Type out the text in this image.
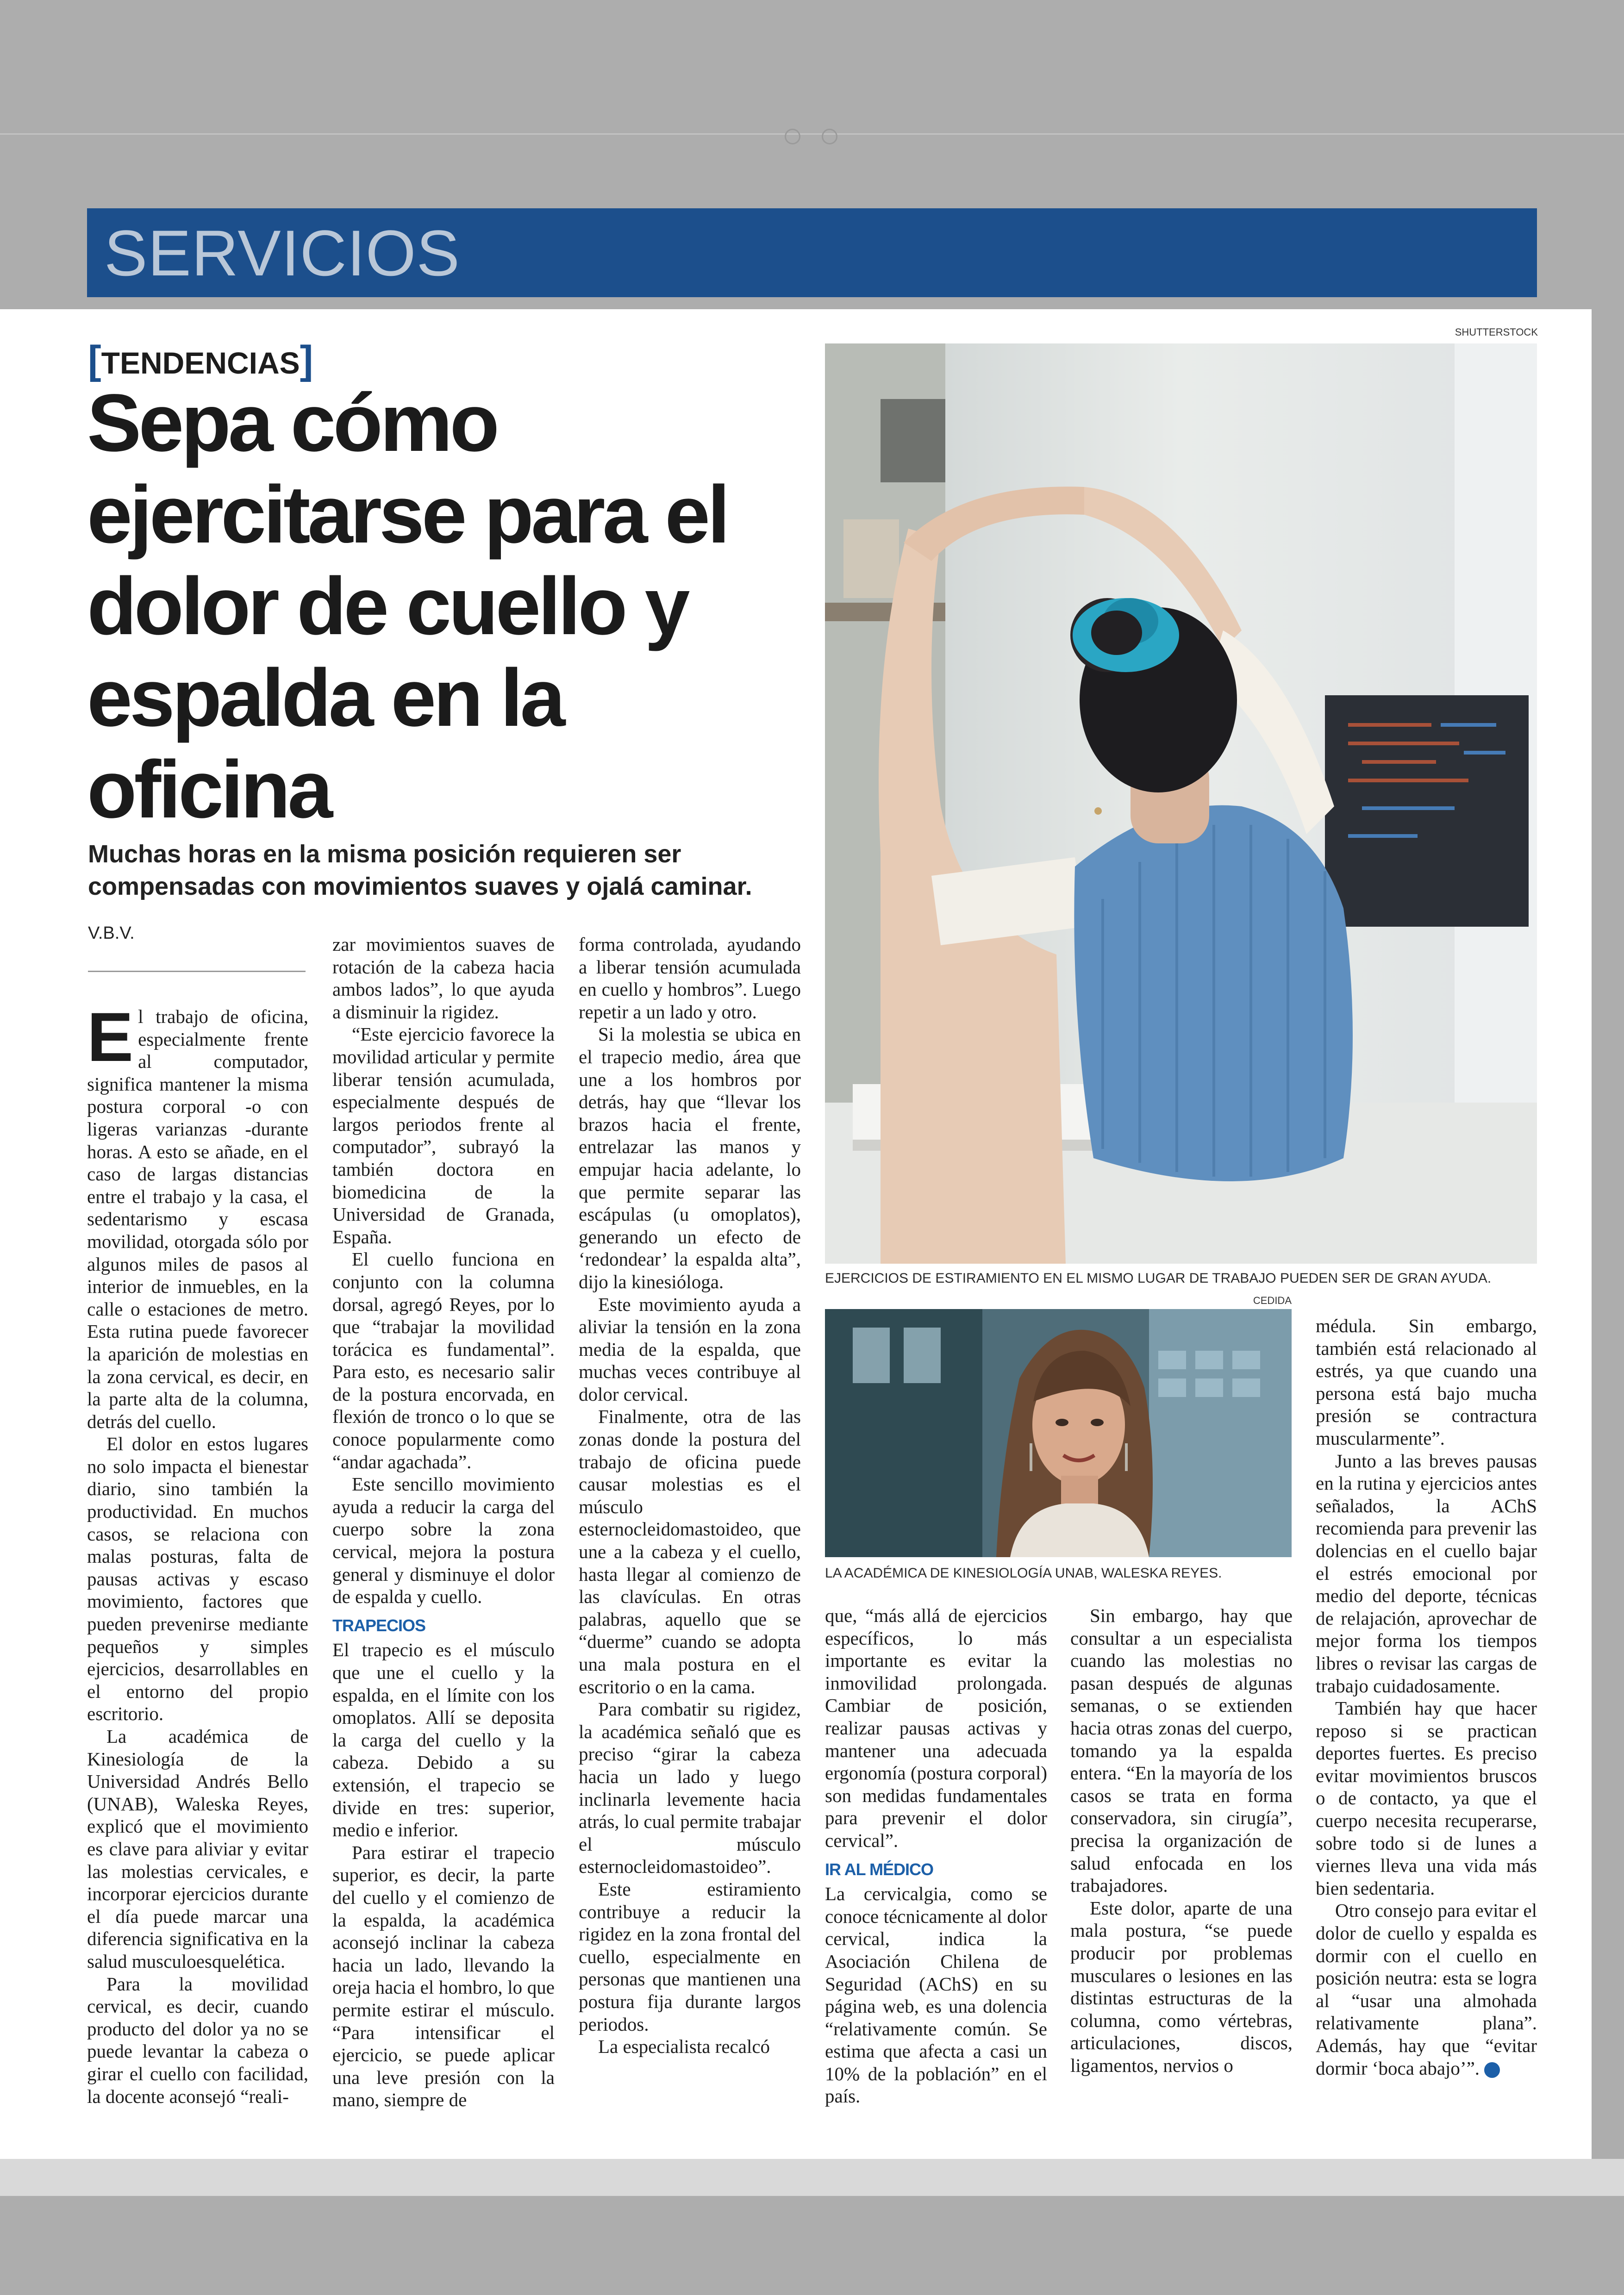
SERVICIOS
[TENDENCIAS]
Sepa cómo ejercitarse para el dolor de cuello y espalda en la oficina

Muchas horas en la misma posición requieren ser compensadas con movimientos suaves y ojalá caminar.

V.B.V.

El trabajo de oficina, especialmente frente al computador, significa mantener la misma postura corporal -o con ligeras varianzas -durante horas. A esto se añade, en el caso de largas distancias entre el trabajo y la casa, el sedentarismo y escasa movilidad, otorgada sólo por algunos miles de pasos al interior de inmuebles, en la calle o estaciones de metro. Esta rutina puede favorecer la aparición de molestias en la zona cervical, es decir, en la parte alta de la columna, detrás del cuello.

El dolor en estos lugares no solo impacta el bienestar diario, sino también la productividad. En muchos casos, se relaciona con malas posturas, falta de pausas activas y escaso movimiento, factores que pueden prevenirse mediante pequeños y simples ejercicios, desarrollables en el entorno del propio escritorio.

La académica de Kinesiología de la Universidad Andrés Bello (UNAB), Waleska Reyes, explicó que el movimiento es clave para aliviar y evitar las molestias cervicales, e incorporar ejercicios durante el día puede marcar una diferencia significativa en la salud musculoesquelética.

Para la movilidad cervical, es decir, cuando producto del dolor ya no se puede levantar la cabeza o girar el cuello con facilidad, la docente aconsejó “reali-

zar movimientos suaves de rotación de la cabeza hacia ambos lados”, lo que ayuda a disminuir la rigidez.

“Este ejercicio favorece la movilidad articular y permite liberar tensión acumulada, especialmente después de largos periodos frente al computador”, subrayó la también doctora en biomedicina de la Universidad de Granada, España.

El cuello funciona en conjunto con la columna dorsal, agregó Reyes, por lo que “trabajar la movilidad torácica es fundamental”. Para esto, es necesario salir de la postura encorvada, en flexión de tronco o lo que se conoce popularmente como “andar agachada”.

Este sencillo movimiento ayuda a reducir la carga del cuerpo sobre la zona cervical, mejora la postura general y disminuye el dolor de espalda y cuello.

TRAPECIOS

El trapecio es el músculo que une el cuello y la espalda, en el límite con los omoplatos. Allí se deposita la carga del cuello y la cabeza. Debido a su extensión, el trapecio se divide en tres: superior, medio e inferior.

Para estirar el trapecio superior, es decir, la parte del cuello y el comienzo de la espalda, la académica aconsejó inclinar la cabeza hacia un lado, llevando la oreja hacia el hombro, lo que permite estirar el músculo. “Para intensificar el ejercicio, se puede aplicar una leve presión con la mano, siempre de

forma controlada, ayudando a liberar tensión acumulada en cuello y hombros”. Luego repetir a un lado y otro.

Si la molestia se ubica en el trapecio medio, área que une a los hombros por detrás, hay que “llevar los brazos hacia el frente, entrelazar las manos y empujar hacia adelante, lo que permite separar las escápulas (u omoplatos), generando un efecto de ‘redondear’ la espalda alta”, dijo la kinesióloga.

Este movimiento ayuda a aliviar la tensión en la zona media de la espalda, que muchas veces contribuye al dolor cervical.

Finalmente, otra de las zonas donde la postura del trabajo de oficina puede causar molestias es el músculo esternocleidomastoideo, que une a la cabeza y el cuello, hasta llegar al comienzo de las clavículas. En otras palabras, aquello que se “duerme” cuando se adopta una mala postura en el escritorio o en la cama.

Para combatir su rigidez, la académica señaló que es preciso “girar la cabeza hacia un lado y luego inclinarla levemente hacia atrás, lo cual permite trabajar el músculo esternocleidomastoideo”.

Este estiramiento contribuye a reducir la rigidez en la zona frontal del cuello, especialmente en personas que mantienen una postura fija durante largos periodos.

La especialista recalcó

SHUTTERSTOCK
EJERCICIOS DE ESTIRAMIENTO EN EL MISMO LUGAR DE TRABAJO PUEDEN SER DE GRAN AYUDA.
CEDIDA
LA ACADÉMICA DE KINESIOLOGÍA UNAB, WALESKA REYES.

que, “más allá de ejercicios específicos, lo más importante es evitar la inmovilidad prolongada. Cambiar de posición, realizar pausas activas y mantener una adecuada ergonomía (postura corporal) son medidas fundamentales para prevenir el dolor cervical”.

IR AL MÉDICO

La cervicalgia, como se conoce técnicamente al dolor cervical, indica la Asociación Chilena de Seguridad (AChS) en su página web, es una dolencia “relativamente común. Se estima que afecta a casi un 10% de la población” en el país.

Sin embargo, hay que consultar a un especialista cuando las molestias no pasan después de algunas semanas, o se extienden hacia otras zonas del cuerpo, tomando ya la espalda entera. “En la mayoría de los casos se trata en forma conservadora, sin cirugía”, precisa la organización de salud enfocada en los trabajadores.

Este dolor, aparte de una mala postura, “se puede producir por problemas musculares o lesiones en las distintas estructuras de la columna, como vértebras, articulaciones, discos, ligamentos, nervios o

médula. Sin embargo, también está relacionado al estrés, ya que cuando una persona está bajo mucha presión se contractura muscularmente”.

Junto a las breves pausas en la rutina y ejercicios antes señalados, la AChS recomienda para prevenir las dolencias en el cuello bajar el estrés emocional por medio del deporte, técnicas de relajación, aprovechar de mejor forma los tiempos libres o revisar las cargas de trabajo cuidadosamente.

También hay que hacer reposo si se practican deportes fuertes. Es preciso evitar movimientos bruscos o de contacto, ya que el cuerpo necesita recuperarse, sobre todo si de lunes a viernes lleva una vida más bien sedentaria.

Otro consejo para evitar el dolor de cuello y espalda es dormir con el cuello en posición neutra: esta se logra al “usar una almohada relativamente plana”. Además, hay que “evitar dormir ‘boca abajo’”. ✪
